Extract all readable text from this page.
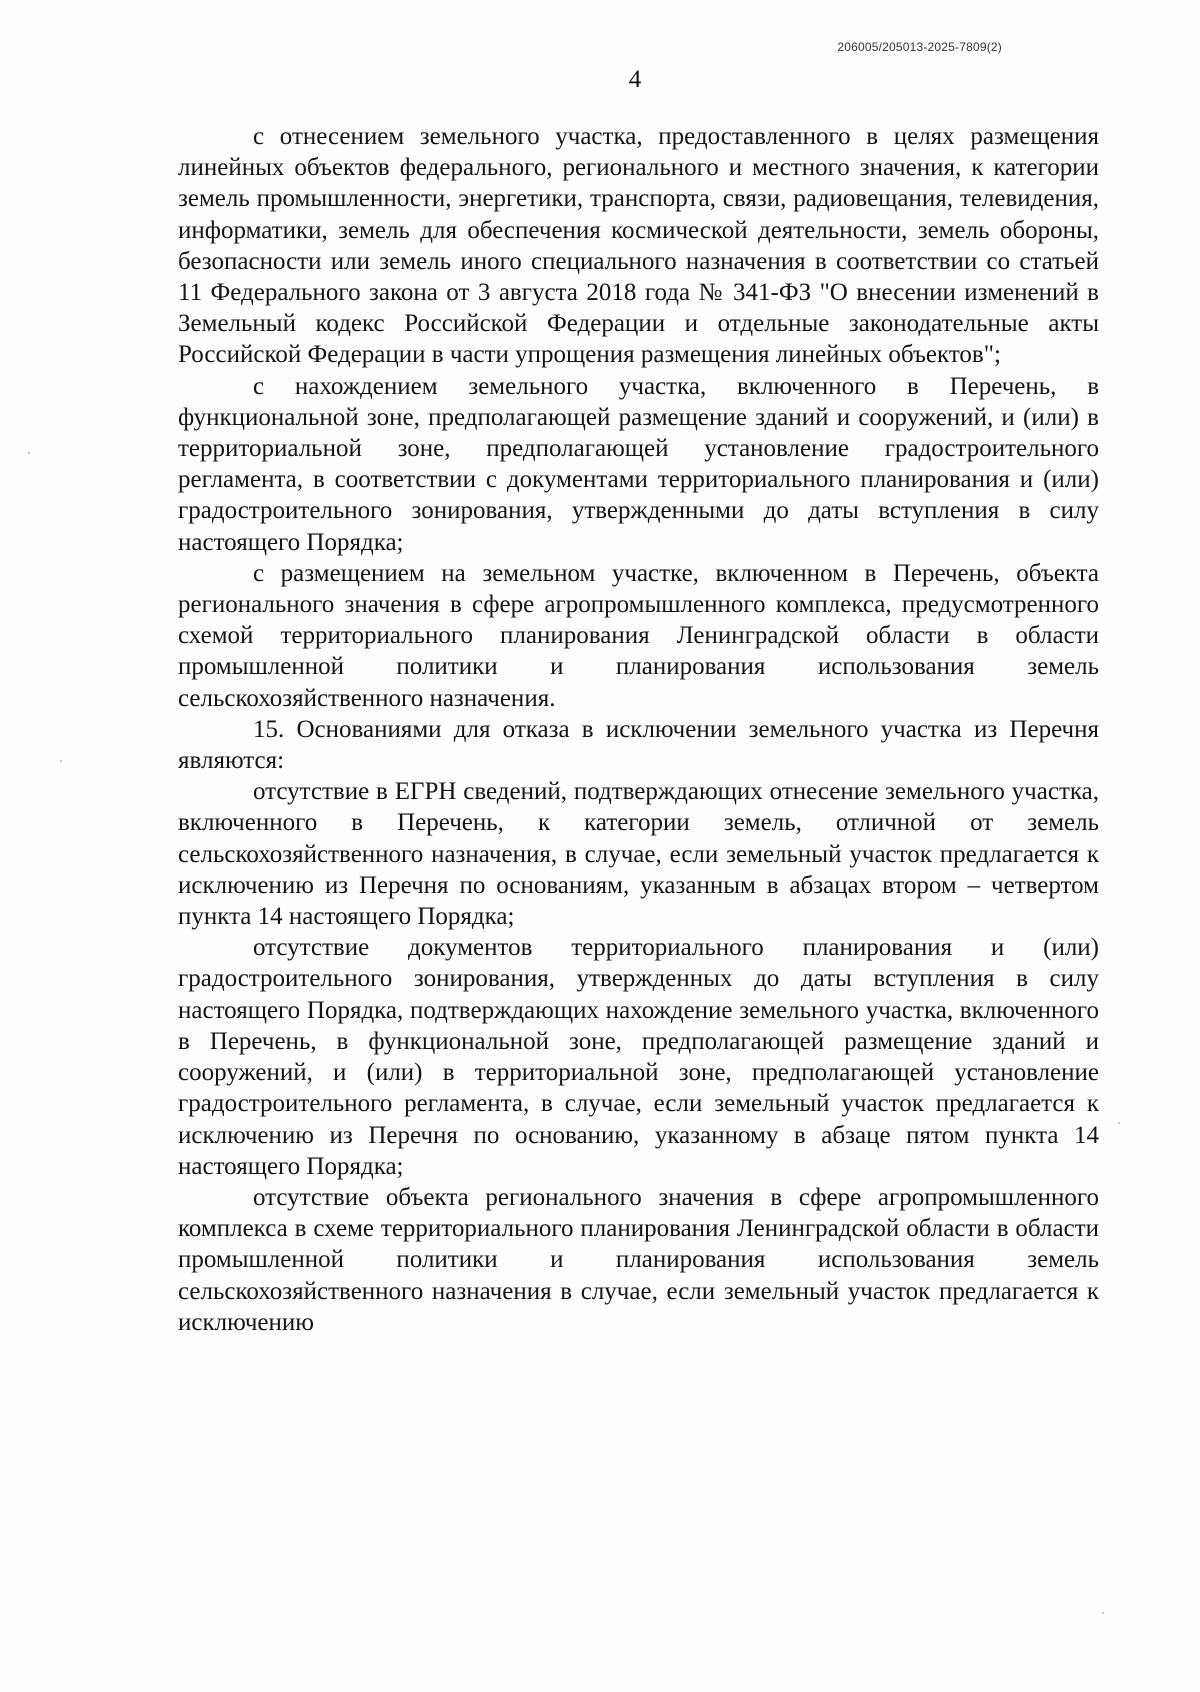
206005/205013-2025-7809(2)
4

с отнесением земельного участка, предоставленного в целях размещения линейных объектов федерального, регионального и местного значения, к категории земель промышленности, энергетики, транспорта, связи, радиовещания, телевидения, информатики, земель для обеспечения космической деятельности, земель обороны, безопасности или земель иного специального назначения в соответствии со статьей 11 Федерального закона от 3 августа 2018 года № 341-ФЗ "О внесении изменений в Земельный кодекс Российской Федерации и отдельные законодательные акты Российской Федерации в части упрощения размещения линейных объектов";

с нахождением земельного участка, включенного в Перечень, в функциональной зоне, предполагающей размещение зданий и сооружений, и (или) в территориальной зоне, предполагающей установление градостроительного регламента, в соответствии с документами территориального планирования и (или) градостроительного зонирования, утвержденными до даты вступления в силу настоящего Порядка;

с размещением на земельном участке, включенном в Перечень, объекта регионального значения в сфере агропромышленного комплекса, предусмотренного схемой территориального планирования Ленинградской области в области промышленной политики и планирования использования земель сельскохозяйственного назначения.

15. Основаниями для отказа в исключении земельного участка из Перечня являются:

отсутствие в ЕГРН сведений, подтверждающих отнесение земельного участка, включенного в Перечень, к категории земель, отличной от земель сельскохозяйственного назначения, в случае, если земельный участок предлагается к исключению из Перечня по основаниям, указанным в абзацах втором – четвертом пункта 14 настоящего Порядка;

отсутствие документов территориального планирования и (или) градостроительного зонирования, утвержденных до даты вступления в силу настоящего Порядка, подтверждающих нахождение земельного участка, включенного в Перечень, в функциональной зоне, предполагающей размещение зданий и сооружений, и (или) в территориальной зоне, предполагающей установление градостроительного регламента, в случае, если земельный участок предлагается к исключению из Перечня по основанию, указанному в абзаце пятом пункта 14 настоящего Порядка;

отсутствие объекта регионального значения в сфере агропромышленного комплекса в схеме территориального планирования Ленинградской области в области промышленной политики и планирования использования земель сельскохозяйственного назначения в случае, если земельный участок предлагается к исключению
